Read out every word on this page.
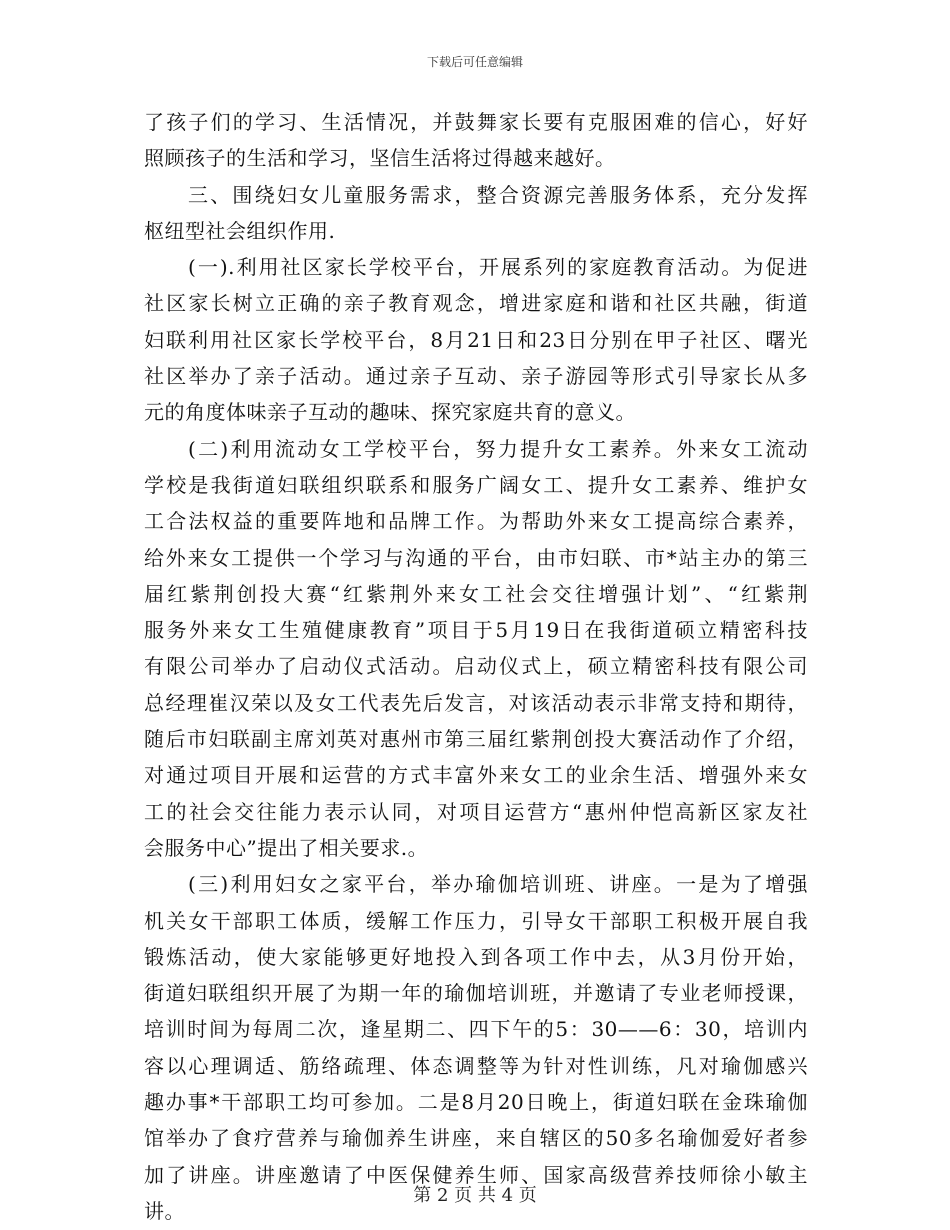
下载后可任意编辑
了孩子们的学习、生活情况，并鼓舞家长要有克服困难的信心，好好
照顾孩子的生活和学习，坚信生活将过得越来越好。
三、围绕妇女儿童服务需求，整合资源完善服务体系，充分发挥
枢纽型社会组织作用.
(一).利用社区家长学校平台，开展系列的家庭教育活动。为促进
社区家长树立正确的亲子教育观念，增进家庭和谐和社区共融，街道
妇联利用社区家长学校平台，8月21日和23日分别在甲子社区、曙光
社区举办了亲子活动。通过亲子互动、亲子游园等形式引导家长从多
元的角度体味亲子互动的趣味、探究家庭共育的意义。
(二)利用流动女工学校平台，努力提升女工素养。外来女工流动
学校是我街道妇联组织联系和服务广阔女工、提升女工素养、维护女
工合法权益的重要阵地和品牌工作。为帮助外来女工提高综合素养，
给外来女工提供一个学习与沟通的平台，由市妇联、市*站主办的第三
届红紫荆创投大赛“红紫荆外来女工社会交往增强计划”、“红紫荆
服务外来女工生殖健康教育”项目于5月19日在我街道硕立精密科技
有限公司举办了启动仪式活动。启动仪式上，硕立精密科技有限公司
总经理崔汉荣以及女工代表先后发言，对该活动表示非常支持和期待，
随后市妇联副主席刘英对惠州市第三届红紫荆创投大赛活动作了介绍，
对通过项目开展和运营的方式丰富外来女工的业余生活、增强外来女
工的社会交往能力表示认同，对项目运营方“惠州仲恺高新区家友社
会服务中心”提出了相关要求.。
(三)利用妇女之家平台，举办瑜伽培训班、讲座。一是为了增强
机关女干部职工体质，缓解工作压力，引导女干部职工积极开展自我
锻炼活动，使大家能够更好地投入到各项工作中去，从3月份开始，
街道妇联组织开展了为期一年的瑜伽培训班，并邀请了专业老师授课，
培训时间为每周二次，逢星期二、四下午的5：30——6：30，培训内
容以心理调适、筋络疏理、体态调整等为针对性训练，凡对瑜伽感兴
趣办事*干部职工均可参加。二是8月20日晚上，街道妇联在金珠瑜伽
馆举办了食疗营养与瑜伽养生讲座，来自辖区的50多名瑜伽爱好者参
加了讲座。讲座邀请了中医保健养生师、国家高级营养技师徐小敏主
讲。
第 2 页 共 4 页
